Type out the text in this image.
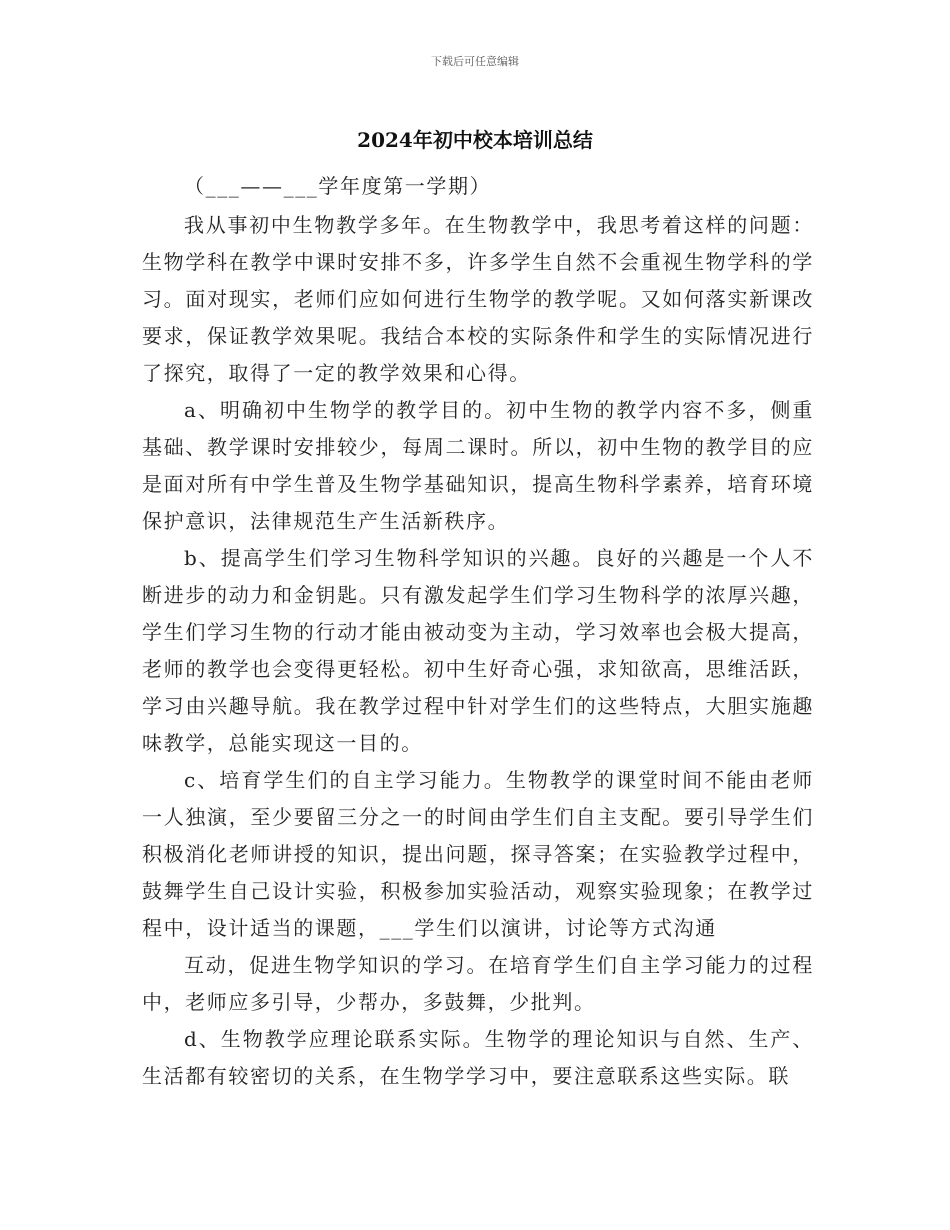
下载后可任意编辑
2024年初中校本培训总结

（___——___学年度第一学期）

我从事初中生物教学多年。在生物教学中，我思考着这样的问题：生物学科在教学中课时安排不多，许多学生自然不会重视生物学科的学习。面对现实，老师们应如何进行生物学的教学呢。又如何落实新课改要求，保证教学效果呢。我结合本校的实际条件和学生的实际情况进行了探究，取得了一定的教学效果和心得。

a、明确初中生物学的教学目的。初中生物的教学内容不多，侧重基础、教学课时安排较少，每周二课时。所以，初中生物的教学目的应是面对所有中学生普及生物学基础知识，提高生物科学素养，培育环境保护意识，法律规范生产生活新秩序。

b、提高学生们学习生物科学知识的兴趣。良好的兴趣是一个人不断进步的动力和金钥匙。只有激发起学生们学习生物科学的浓厚兴趣，学生们学习生物的行动才能由被动变为主动，学习效率也会极大提高，老师的教学也会变得更轻松。初中生好奇心强，求知欲高，思维活跃，学习由兴趣导航。我在教学过程中针对学生们的这些特点，大胆实施趣味教学，总能实现这一目的。

c、培育学生们的自主学习能力。生物教学的课堂时间不能由老师一人独演，至少要留三分之一的时间由学生们自主支配。要引导学生们积极消化老师讲授的知识，提出问题，探寻答案；在实验教学过程中，鼓舞学生自己设计实验，积极参加实验活动，观察实验现象；在教学过程中，设计适当的课题，___学生们以演讲，讨论等方式沟通

互动，促进生物学知识的学习。在培育学生们自主学习能力的过程中，老师应多引导，少帮办，多鼓舞，少批判。

d、生物教学应理论联系实际。生物学的理论知识与自然、生产、生活都有较密切的关系，在生物学学习中，要注意联系这些实际。联
